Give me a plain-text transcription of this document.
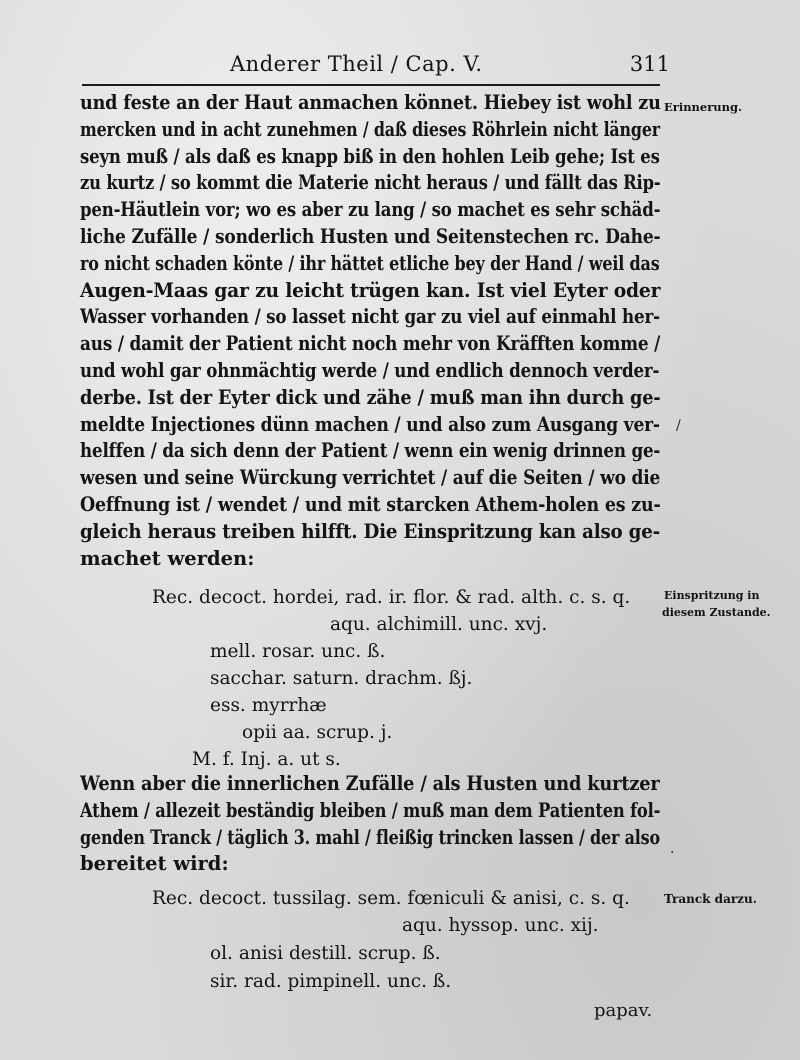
Anderer Theil / Cap. V.	311
und feste an der Haut anmachen könnet. Hiebey ist wohl zu
mercken und in acht zunehmen / daß dieses Röhrlein nicht länger
seyn muß / als daß es knapp biß in den hohlen Leib gehe; Ist es
zu kurtz / so kommt die Materie nicht heraus / und fällt das Rip-
pen-Häutlein vor; wo es aber zu lang / so machet es sehr schäd-
liche Zufälle / sonderlich Husten und Seitenstechen rc. Dahe-
ro nicht schaden könte / ihr hättet etliche bey der Hand / weil das
Augen-Maas gar zu leicht trügen kan. Ist viel Eyter oder
Wasser vorhanden / so lasset nicht gar zu viel auf einmahl her-
aus / damit der Patient nicht noch mehr von Kräfften komme /
und wohl gar ohnmächtig werde / und endlich dennoch verder-
derbe. Ist der Eyter dick und zähe / muß man ihn durch ge-
meldte Injectiones dünn machen / und also zum Ausgang ver-
helffen / da sich denn der Patient / wenn ein wenig drinnen ge-
wesen und seine Würckung verrichtet / auf die Seiten / wo die
Oeffnung ist / wendet / und mit starcken Athem-holen es zu-
gleich heraus treiben hilfft. Die Einspritzung kan also ge-
machet werden:
Erinnerung.
Rec. decoct. hordei, rad. ir. flor. & rad. alth. c. s. q.
aqu. alchimill. unc. xvj.
mell. rosar. unc. ß.
sacchar. saturn. drachm. ßj.
ess. myrrhæ
opii aa. scrup. j.
M. f. Inj. a. ut s.
Einspritzung in
diesem Zustande.
Wenn aber die innerlichen Zufälle / als Husten und kurtzer
Athem / allezeit beständig bleiben / muß man dem Patienten fol-
genden Tranck / täglich 3. mahl / fleißig trincken lassen / der also
bereitet wird:
Rec. decoct. tussilag. sem. fœniculi & anisi, c. s. q.
aqu. hyssop. unc. xij.
ol. anisi destill. scrup. ß.
sir. rad. pimpinell. unc. ß.
Tranck darzu.
papav.
/
·
